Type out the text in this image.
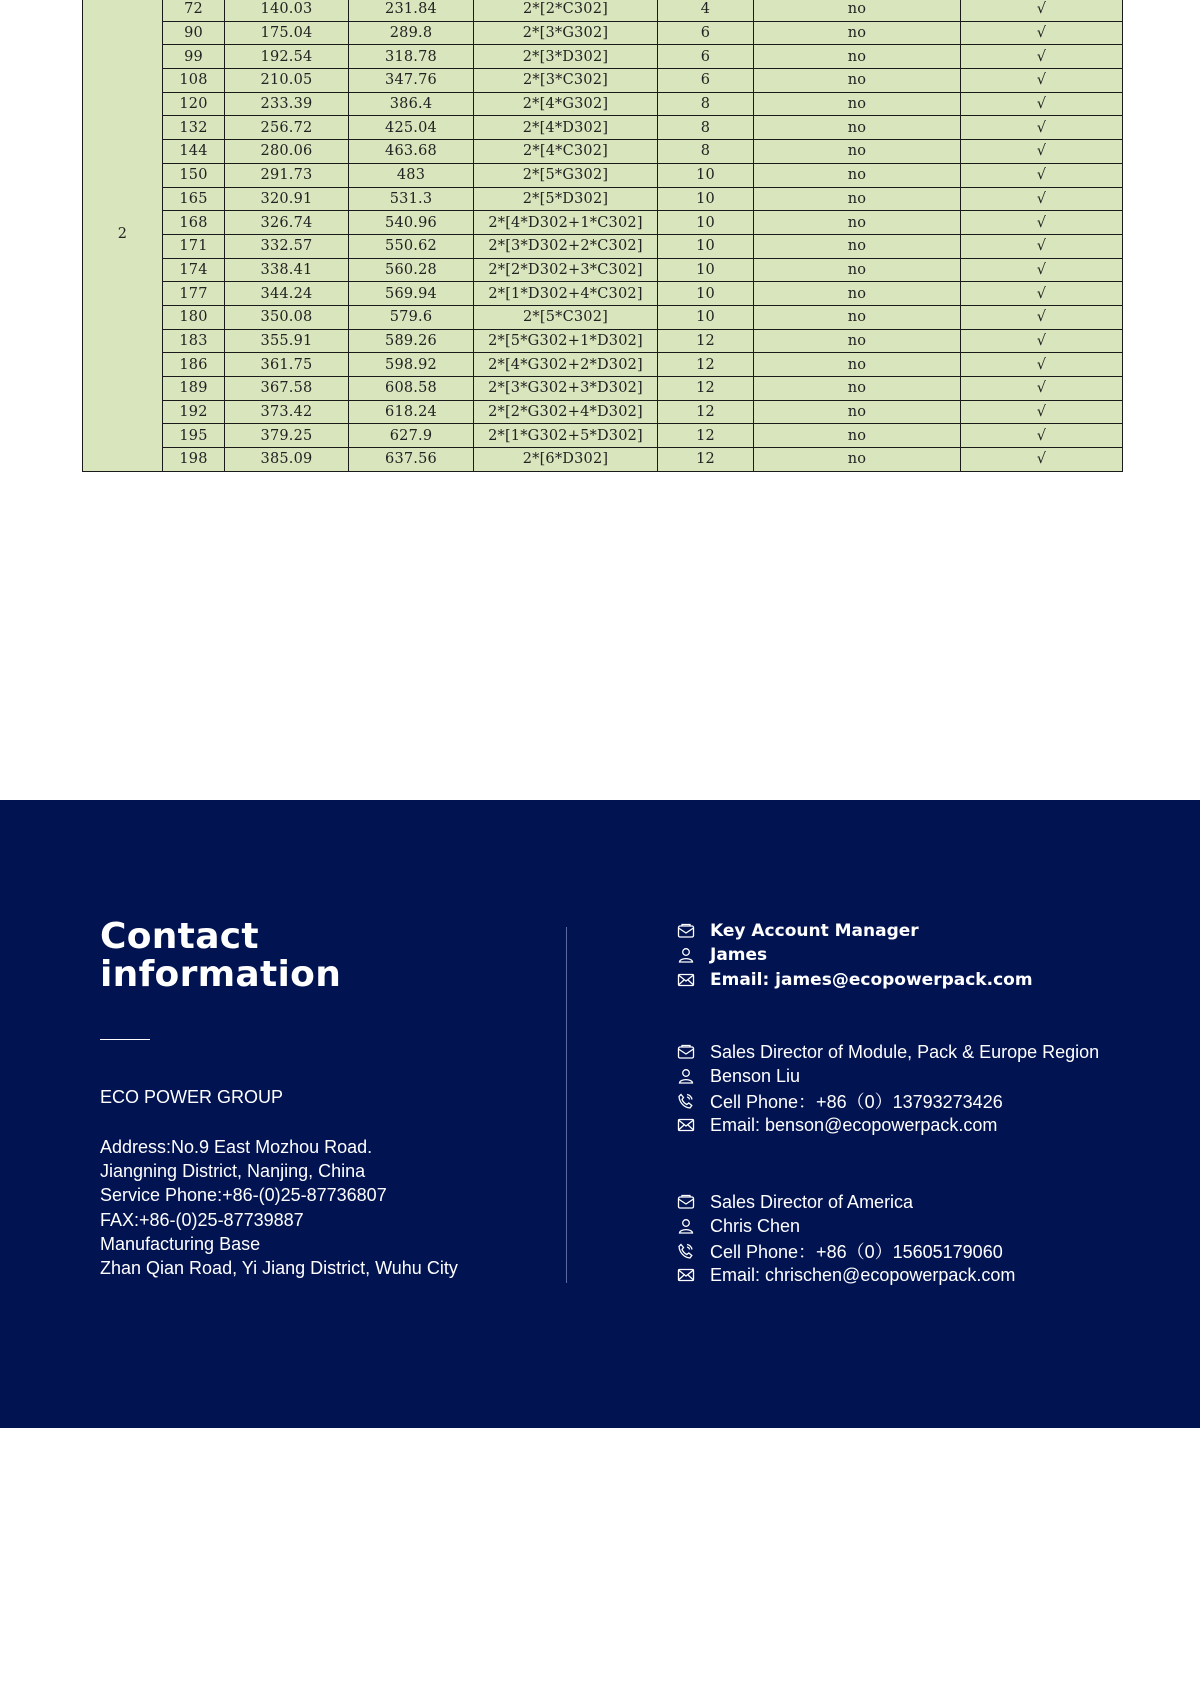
2	72	140.03	231.84	2*[2*C302]	4	no	√
	90	175.04	289.8	2*[3*G302]	6	no	√
	99	192.54	318.78	2*[3*D302]	6	no	√
	108	210.05	347.76	2*[3*C302]	6	no	√
	120	233.39	386.4	2*[4*G302]	8	no	√
	132	256.72	425.04	2*[4*D302]	8	no	√
	144	280.06	463.68	2*[4*C302]	8	no	√
	150	291.73	483	2*[5*G302]	10	no	√
	165	320.91	531.3	2*[5*D302]	10	no	√
	168	326.74	540.96	2*[4*D302+1*C302]	10	no	√
	171	332.57	550.62	2*[3*D302+2*C302]	10	no	√
	174	338.41	560.28	2*[2*D302+3*C302]	10	no	√
	177	344.24	569.94	2*[1*D302+4*C302]	10	no	√
	180	350.08	579.6	2*[5*C302]	10	no	√
	183	355.91	589.26	2*[5*G302+1*D302]	12	no	√
	186	361.75	598.92	2*[4*G302+2*D302]	12	no	√
	189	367.58	608.58	2*[3*G302+3*D302]	12	no	√
	192	373.42	618.24	2*[2*G302+4*D302]	12	no	√
	195	379.25	627.9	2*[1*G302+5*D302]	12	no	√
	198	385.09	637.56	2*[6*D302]	12	no	√
Contact
information
ECO POWER GROUP
Address:No.9 East Mozhou Road.
Jiangning District, Nanjing, China
Service Phone:+86-(0)25-87736807
FAX:+86-(0)25-87739887
Manufacturing Base
Zhan Qian Road, Yi Jiang District, Wuhu City
Key Account Manager
James
Email: james@ecopowerpack.com
Sales Director of Module, Pack & Europe Region
Benson Liu
Cell Phone：+86（0）13793273426
Email: benson@ecopowerpack.com
Sales Director of America
Chris Chen
Cell Phone：+86（0）15605179060
Email: chrischen@ecopowerpack.com
